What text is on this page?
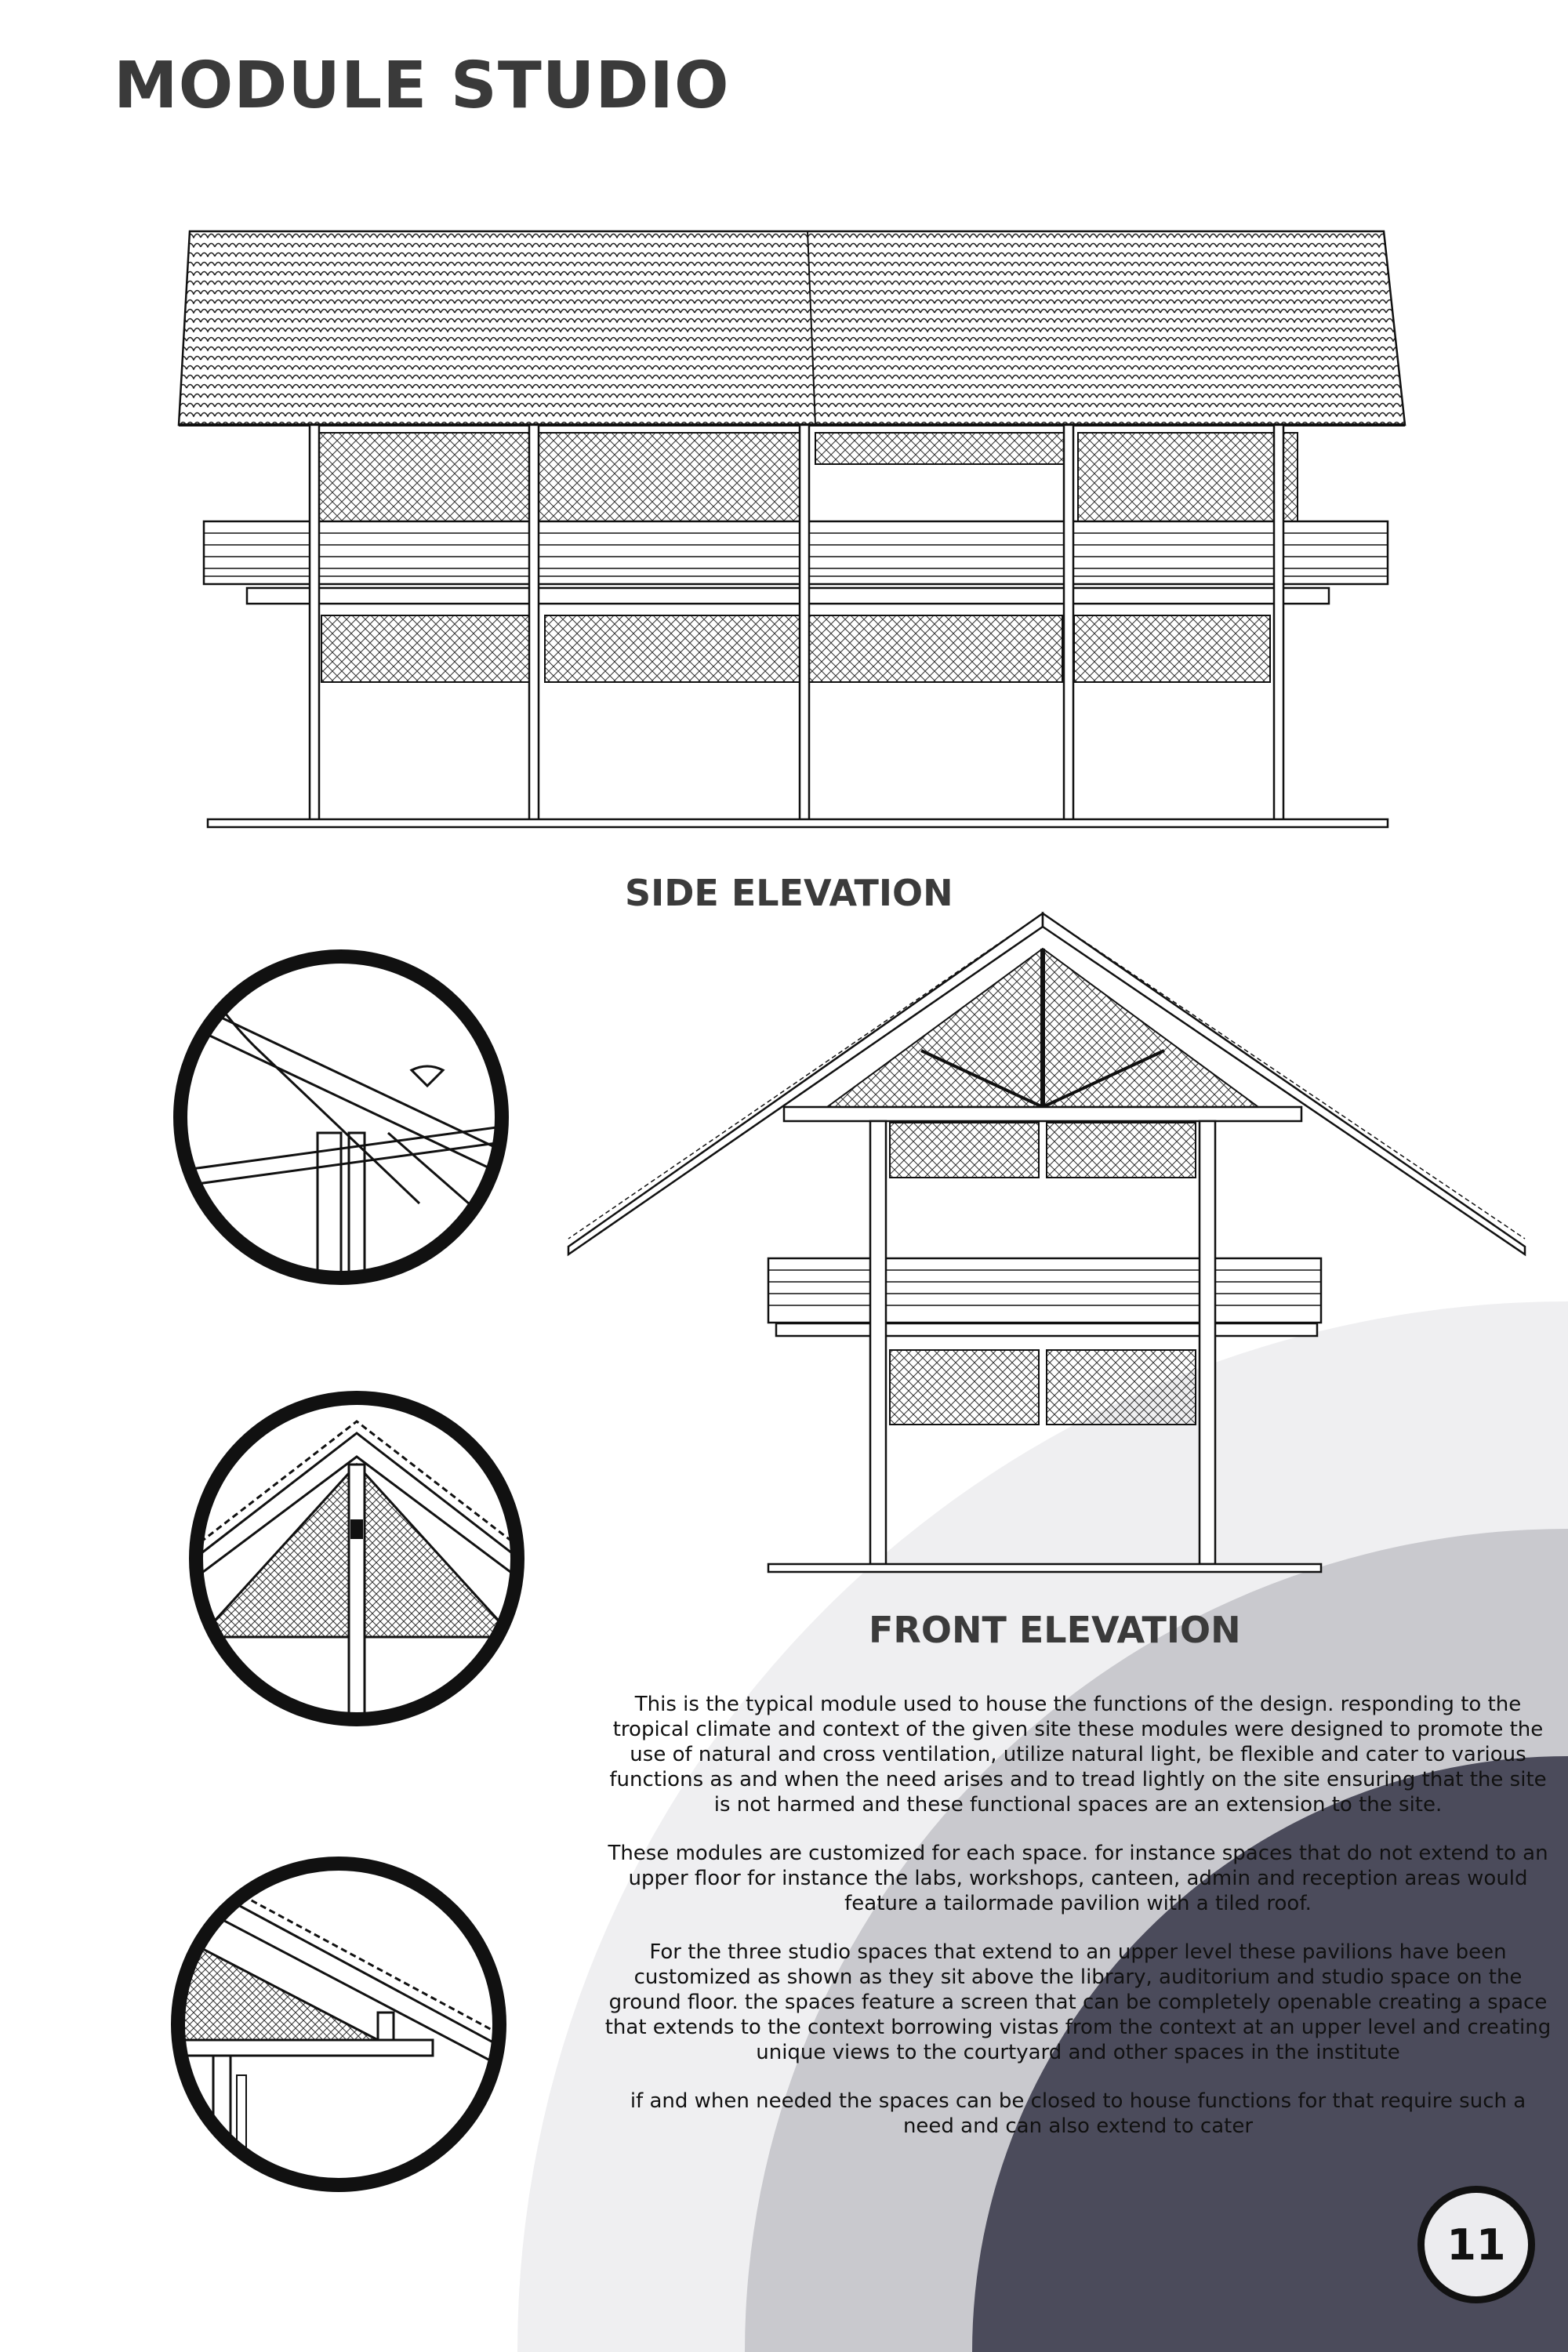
MODULE STUDIO
SIDE ELEVATION
FRONT ELEVATION

This is the typical module used to house the functions of the design. responding to the tropical climate and context of the given site these modules were designed to promote the use of natural and cross ventilation, utilize natural light, be flexible and cater to various functions as and when the need arises and to tread lightly on the site ensuring that the site is not harmed and these functional spaces are an extension to the site.

These modules are customized for each space. for instance spaces that do not extend to an upper floor for instance the labs, workshops, canteen, admin and reception areas would feature a tailormade pavilion with a tiled roof.

For the three studio spaces that extend to an upper level these pavilions have been customized as shown as they sit above the library, auditorium and studio space on the ground floor. the spaces feature a screen that can be completely openable creating a space that extends to the context borrowing vistas from the context at an upper level and creating unique views to the courtyard and other spaces in the institute

if and when needed the spaces can be closed to house functions for that require such a need and can also extend to cater

11
